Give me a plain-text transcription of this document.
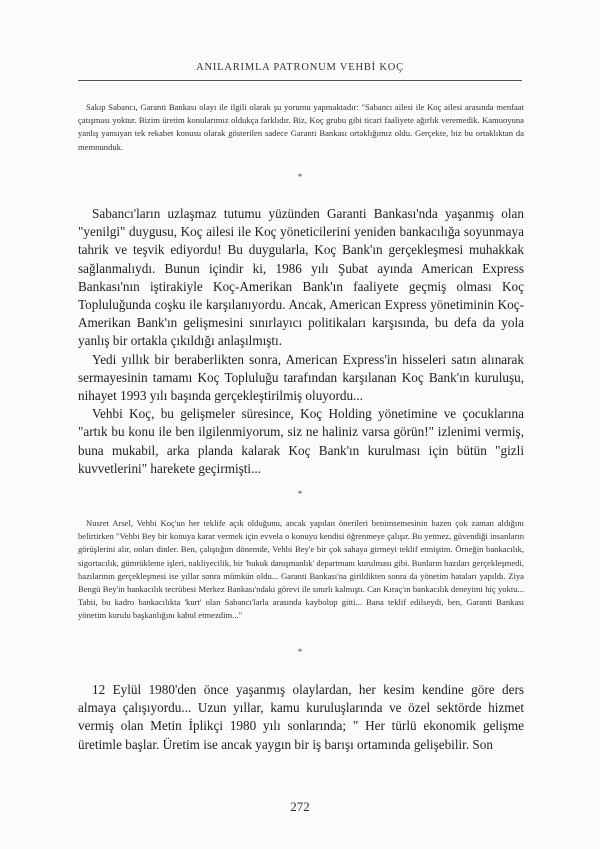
ANILARIMLA PATRONUM VEHBİ KOÇ

Sakıp Sabancı, Garanti Bankası olayı ile ilgili olarak şu yorumu yapmaktadır: "Sabancı ailesi ile Koç ailesi arasında menfaat çatışması yoktur. Bizim üretim konularımız oldukça farklıdır. Biz, Koç grubu gibi ticari faaliyete ağırlık veremedik. Kamuoyuna yanlış yansıyan tek rekabet konusu olarak gösterilen sadece Garanti Bankası ortaklığımız oldu. Gerçekte, biz bu ortaklıktan da memnunduk.

*

Sabancı'ların uzlaşmaz tutumu yüzünden Garanti Bankası'nda yaşanmış olan "yenilgi" duygusu, Koç ailesi ile Koç yöneticilerini yeniden bankacılığa soyunmaya tahrik ve teşvik ediyordu! Bu duygularla, Koç Bank'ın gerçekleşmesi muhakkak sağlanmalıydı. Bunun içindir ki, 1986 yılı Şubat ayında American Express Bankası'nın iştirakiyle Koç-Amerikan Bank'ın faaliyete geçmiş olması Koç Topluluğunda coşku ile karşılanıyordu. Ancak, American Express yönetiminin Koç-Amerikan Bank'ın gelişmesini sınırlayıcı politikaları karşısında, bu defa da yola yanlış bir ortakla çıkıldığı anlaşılmıştı.

Yedi yıllık bir beraberlikten sonra, American Express'in hisseleri satın alınarak sermayesinin tamamı Koç Topluluğu tarafından karşılanan Koç Bank'ın kuruluşu, nihayet 1993 yılı başında gerçekleştirilmiş oluyordu...

Vehbi Koç, bu gelişmeler süresince, Koç Holding yönetimine ve çocuklarına "artık bu konu ile ben ilgilenmiyorum, siz ne haliniz varsa görün!" izlenimi vermiş, buna mukabil, arka planda kalarak Koç Bank'ın kurulması için bütün "gizli kuvvetlerini" harekete geçirmişti...

*

Nusret Arsel, Vehbi Koç'un her teklife açık olduğunu, ancak yapılan önerileri benimsemesinin bazen çok zaman aldığını belirtirken "Vehbi Bey bir konuya karar vermek için evvela o konuyu kendisi öğrenmeye çalışır. Bu yetmez, güvendiği insanların görüşlerini alır, onları dinler. Ben, çalıştığım dönemde, Vehbi Bey'e bir çok sahaya girmeyi teklif etmiştim. Örneğin bankacılık, sigortacılık, gümrükleme işleri, nakliyecilik, bir 'hukuk danışmanlık' departmanı kurulması gibi. Bunların bazıları gerçekleşmedi, bazılarının gerçekleşmesi ise yıllar sonra mümkün oldu... Garanti Bankası'na girildikten sonra da yönetim hataları yapıldı. Ziya Bengü Bey'in bankacılık tecrübesi Merkez Bankası'ndaki görevi ile sınırlı kalmıştı. Can Kıraç'ın bankacılık deneyimi hiç yoktu... Tabii, bu kadro bankacılıkta 'kurt' olan Sabancı'larla arasında kaybolup gitti... Bana teklif edilseydi, ben, Garanti Bankası yönetim kurulu başkanlığını kabul etmezdim..."

*

12 Eylül 1980'den önce yaşanmış olaylardan, her kesim kendine göre ders almaya çalışıyordu... Uzun yıllar, kamu kuruluşlarında ve özel sektörde hizmet vermiş olan Metin İplikçi 1980 yılı sonlarında; " Her türlü ekonomik gelişme üretimle başlar. Üretim ise ancak yaygın bir iş barışı ortamında gelişebilir. Son

272
